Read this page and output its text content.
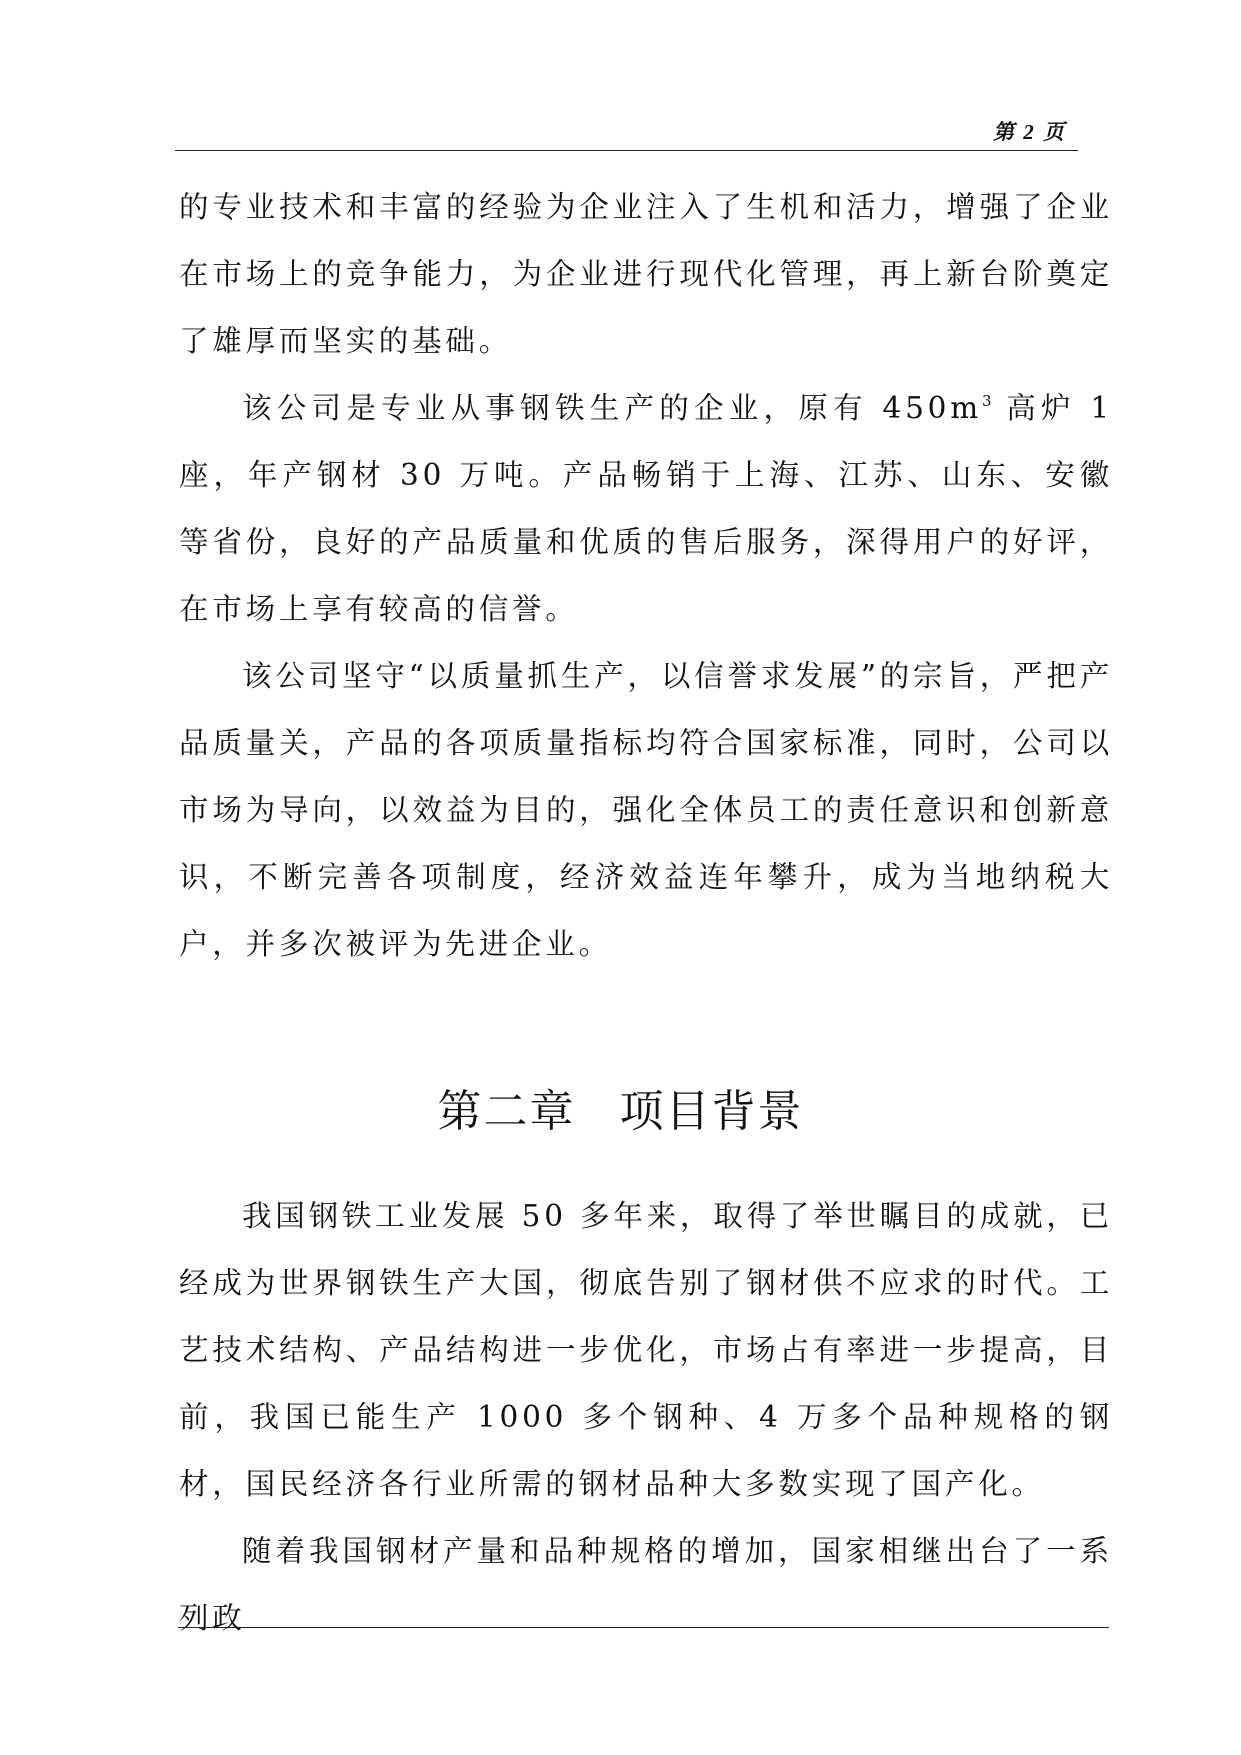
第 2 页

的专业技术和丰富的经验为企业注入了生机和活力，增强了企业在市场上的竞争能力，为企业进行现代化管理，再上新台阶奠定了雄厚而坚实的基础。

该公司是专业从事钢铁生产的企业，原有 $450m^3$ 高炉 1 座，年产钢材 30 万吨。产品畅销于上海、江苏、山东、安徽等省份，良好的产品质量和优质的售后服务，深得用户的好评，在市场上享有较高的信誉。

该公司坚守“以质量抓生产，以信誉求发展”的宗旨，严把产品质量关，产品的各项质量指标均符合国家标准，同时，公司以市场为导向，以效益为目的，强化全体员工的责任意识和创新意识，不断完善各项制度，经济效益连年攀升，成为当地纳税大户，并多次被评为先进企业。

第二章 项目背景

我国钢铁工业发展 50 多年来，取得了举世瞩目的成就，已经成为世界钢铁生产大国，彻底告别了钢材供不应求的时代。工艺技术结构、产品结构进一步优化，市场占有率进一步提高，目前，我国已能生产 1000 多个钢种、4 万多个品种规格的钢材，国民经济各行业所需的钢材品种大多数实现了国产化。

随着我国钢材产量和品种规格的增加，国家相继出台了一系列政
